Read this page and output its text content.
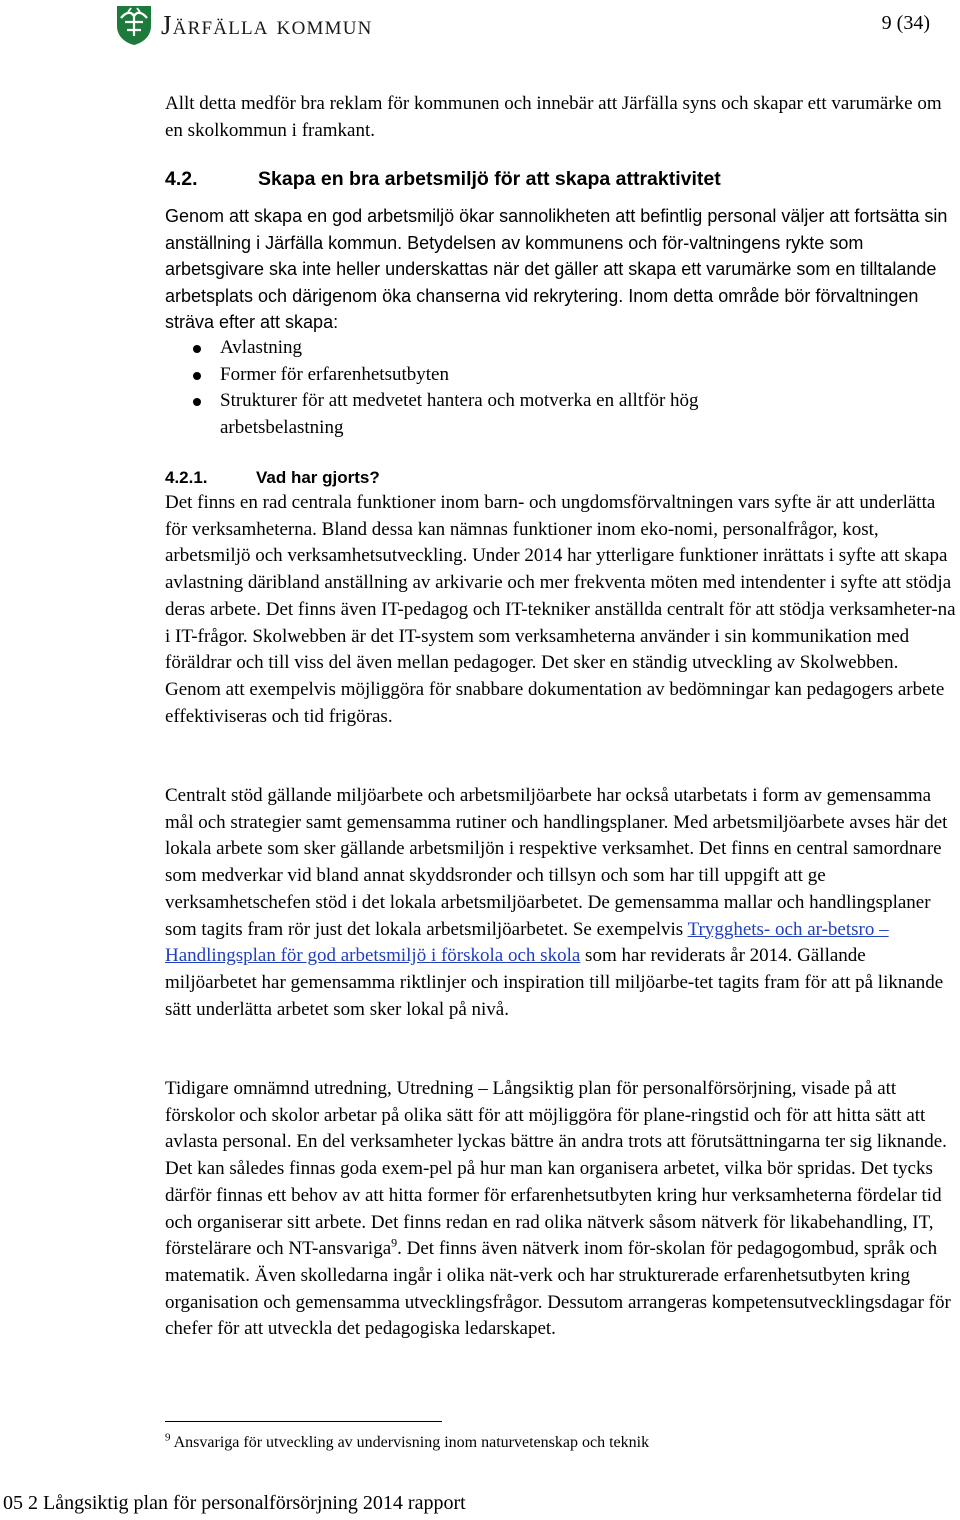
Järfälla kommun	9 (34)

Allt detta medför bra reklam för kommunen och innebär att Järfälla syns och skapar ett varumärke om en skolkommun i framkant.

4.2.	Skapa en bra arbetsmiljö för att skapa attraktivitet

Genom att skapa en god arbetsmiljö ökar sannolikheten att befintlig personal väljer att fortsätta sin anställning i Järfälla kommun. Betydelsen av kommunens och för-valtningens rykte som arbetsgivare ska inte heller underskattas när det gäller att skapa ett varumärke som en tilltalande arbetsplats och därigenom öka chanserna vid rekrytering. Inom detta område bör förvaltningen sträva efter att skapa:

Avlastning
Former för erfarenhetsutbyten
Strukturer för att medvetet hantera och motverka en alltför hög arbetsbelastning
4.2.1.	Vad har gjorts?

Det finns en rad centrala funktioner inom barn- och ungdomsförvaltningen vars syfte är att underlätta för verksamheterna. Bland dessa kan nämnas funktioner inom eko-nomi, personalfrågor, kost, arbetsmiljö och verksamhetsutveckling. Under 2014 har ytterligare funktioner inrättats i syfte att skapa avlastning däribland anställning av arkivarie och mer frekventa möten med intendenter i syfte att stödja deras arbete. Det finns även IT-pedagog och IT-tekniker anställda centralt för att stödja verksamheter-na i IT-frågor. Skolwebben är det IT-system som verksamheterna använder i sin kommunikation med föräldrar och till viss del även mellan pedagoger. Det sker en ständig utveckling av Skolwebben. Genom att exempelvis möjliggöra för snabbare dokumentation av bedömningar kan pedagogers arbete effektiviseras och tid frigöras.

Centralt stöd gällande miljöarbete och arbetsmiljöarbete har också utarbetats i form av gemensamma mål och strategier samt gemensamma rutiner och handlingsplaner. Med arbetsmiljöarbete avses här det lokala arbete som sker gällande arbetsmiljön i respektive verksamhet. Det finns en central samordnare som medverkar vid bland annat skyddsronder och tillsyn och som har till uppgift att ge verksamhetschefen stöd i det lokala arbetsmiljöarbetet. De gemensamma mallar och handlingsplaner som tagits fram rör just det lokala arbetsmiljöarbetet. Se exempelvis Trygghets- och ar-betsro – Handlingsplan för god arbetsmiljö i förskola och skola som har reviderats år 2014. Gällande miljöarbetet har gemensamma riktlinjer och inspiration till miljöarbe-tet tagits fram för att på liknande sätt underlätta arbetet som sker lokal på nivå.

Tidigare omnämnd utredning, Utredning – Långsiktig plan för personalförsörjning, visade på att förskolor och skolor arbetar på olika sätt för att möjliggöra för plane-ringstid och för att hitta sätt att avlasta personal. En del verksamheter lyckas bättre än andra trots att förutsättningarna ter sig liknande. Det kan således finnas goda exem-pel på hur man kan organisera arbetet, vilka bör spridas. Det tycks därför finnas ett behov av att hitta former för erfarenhetsutbyten kring hur verksamheterna fördelar tid och organiserar sitt arbete. Det finns redan en rad olika nätverk såsom nätverk för likabehandling, IT, förstelärare och NT-ansvariga$^9$. Det finns även nätverk inom för-skolan för pedagogombud, språk och matematik. Även skolledarna ingår i olika nät-verk och har strukturerade erfarenhetsutbyten kring organisation och gemensamma utvecklingsfrågor. Dessutom arrangeras kompetensutvecklingsdagar för chefer för att utveckla det pedagogiska ledarskapet.

$^9$ Ansvariga för utveckling av undervisning inom naturvetenskap och teknik
05 2 Långsiktig plan för personalförsörjning 2014 rapport
